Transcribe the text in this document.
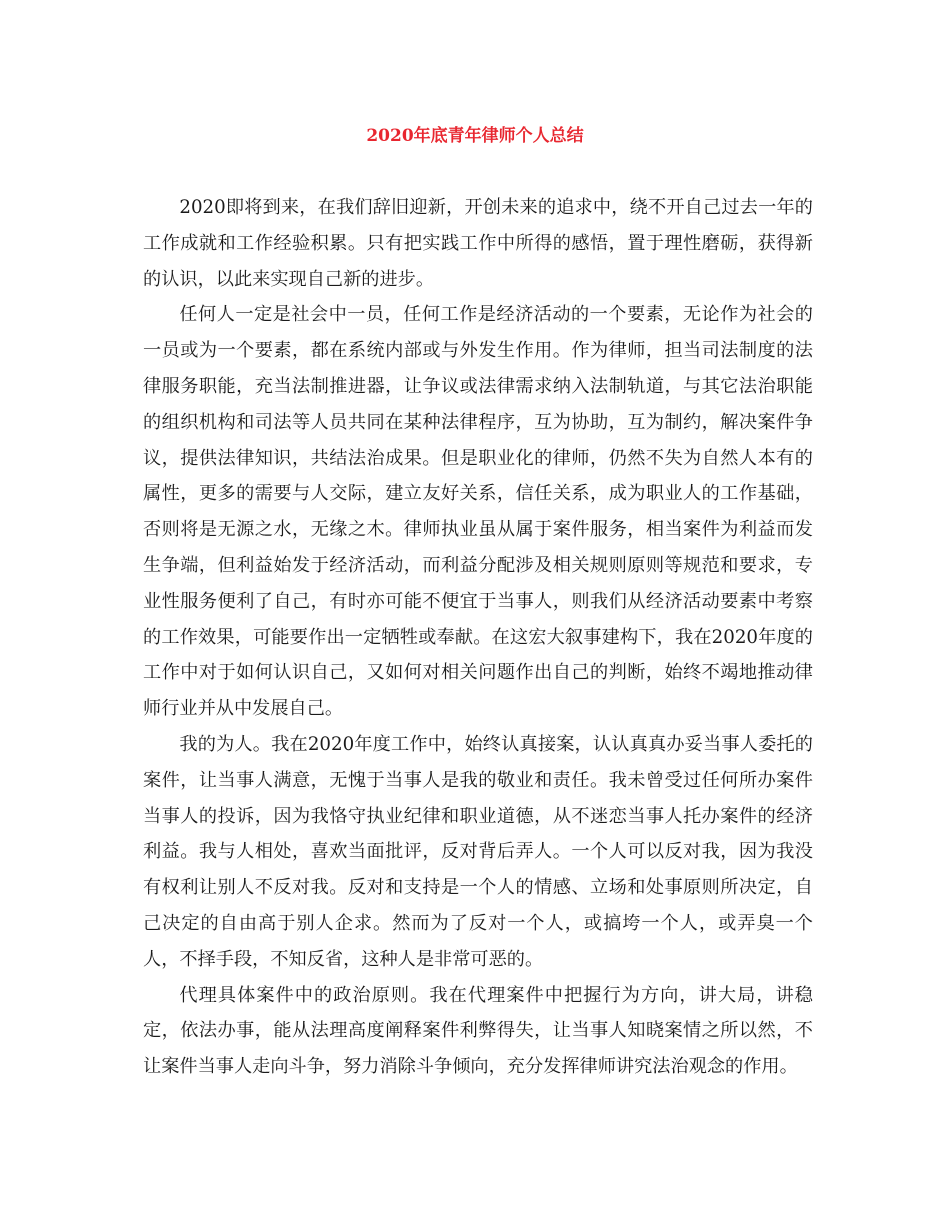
2020年底青年律师个人总结

2020即将到来，在我们辞旧迎新，开创未来的追求中，绕不开自己过去一年的工作成就和工作经验积累。只有把实践工作中所得的感悟，置于理性磨砺，获得新的认识，以此来实现自己新的进步。

任何人一定是社会中一员，任何工作是经济活动的一个要素，无论作为社会的一员或为一个要素，都在系统内部或与外发生作用。作为律师，担当司法制度的法律服务职能，充当法制推进器，让争议或法律需求纳入法制轨道，与其它法治职能的组织机构和司法等人员共同在某种法律程序，互为协助，互为制约，解决案件争议，提供法律知识，共结法治成果。但是职业化的律师，仍然不失为自然人本有的属性，更多的需要与人交际，建立友好关系，信任关系，成为职业人的工作基础，否则将是无源之水，无缘之木。律师执业虽从属于案件服务，相当案件为利益而发生争端，但利益始发于经济活动，而利益分配涉及相关规则原则等规范和要求，专业性服务便利了自己，有时亦可能不便宜于当事人，则我们从经济活动要素中考察的工作效果，可能要作出一定牺牲或奉献。在这宏大叙事建构下，我在2020年度的工作中对于如何认识自己，又如何对相关问题作出自己的判断，始终不竭地推动律师行业并从中发展自己。

我的为人。我在2020年度工作中，始终认真接案，认认真真办妥当事人委托的案件，让当事人满意，无愧于当事人是我的敬业和责任。我未曾受过任何所办案件当事人的投诉，因为我恪守执业纪律和职业道德，从不迷恋当事人托办案件的经济利益。我与人相处，喜欢当面批评，反对背后弄人。一个人可以反对我，因为我没有权利让别人不反对我。反对和支持是一个人的情感、立场和处事原则所决定，自己决定的自由高于别人企求。然而为了反对一个人，或搞垮一个人，或弄臭一个人，不择手段，不知反省，这种人是非常可恶的。

代理具体案件中的政治原则。我在代理案件中把握行为方向，讲大局，讲稳定，依法办事，能从法理高度阐释案件利弊得失，让当事人知晓案情之所以然，不让案件当事人走向斗争，努力消除斗争倾向，充分发挥律师讲究法治观念的作用。
